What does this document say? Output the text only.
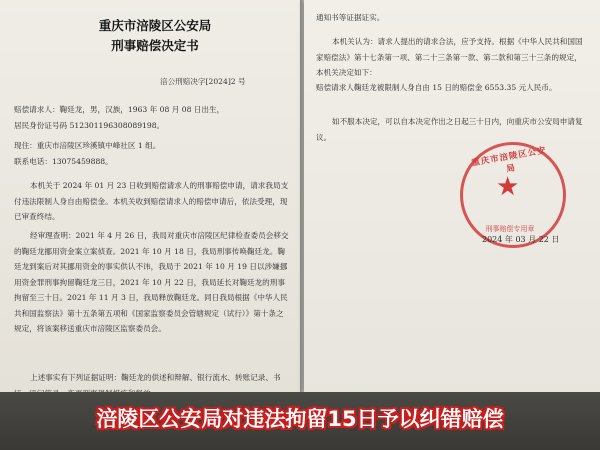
重庆市涪陵区公安局
刑事赔偿决定书
涪公刑赔决字[2024]2 号
赔偿请求人：鞠廷龙，男，汉族，1963 年 08 月 08 日出生，
居民身份证号码 512301196308089198。
现住：重庆市涪陵区珍溪镇中峰社区 1 组。
联系电话：13075459888。
本机关于 2024 年 01 月 23 日收到赔偿请求人的刑事赔偿申请，请求我局支付违法限制人身自由赔偿金。本机关收到赔偿请求人的赔偿申请后，依法受理，现已审查终结。
经审理查明：2021 年 4 月 26 日，我局对重庆市涪陵区纪律检查委员会移交的鞠廷龙挪用资金案立案侦查。2021 年 10 月 18 日，我局刑事传唤鞠廷龙。鞠廷龙到案后对其挪用资金的事实供认不讳，我局于 2021 年 10 月 19 日以涉嫌挪用资金罪刑事拘留鞠廷龙三日，2021 年 10 月 22 日，我局延长对鞠廷龙的刑事拘留至三十日。2021 年 11 月 3 日，我局释放鞠廷龙。同日我局根据《中华人民共和国监察法》第十五条第五项和《国家监察委员会管辖规定（试行）》第十条之规定，将该案移送重庆市涪陵区监察委员会。
上述事实有下列证据证明：鞠廷龙的供述和辩解、银行流水、转账记录、书
通知书等证据证实。
本机关认为：请求人提出的请求合法，应予支持。根据《中华人民共和国国家赔偿法》第十七条第一项、第二十三条第一款、第二款和第三十三条的规定，本机关决定如下：
赔偿请求人鞠廷龙被限制人身自由 15 日的赔偿金 6553.35 元人民币。
如不服本决定，可以自本决定作出之日起三十日内，向重庆市公安局申请复议。
重庆市涪陵区公安局
★
刑事赔偿专用章
2024 年 03 月 22 日
涪陵区公安局对违法拘留15日予以纠错赔偿
